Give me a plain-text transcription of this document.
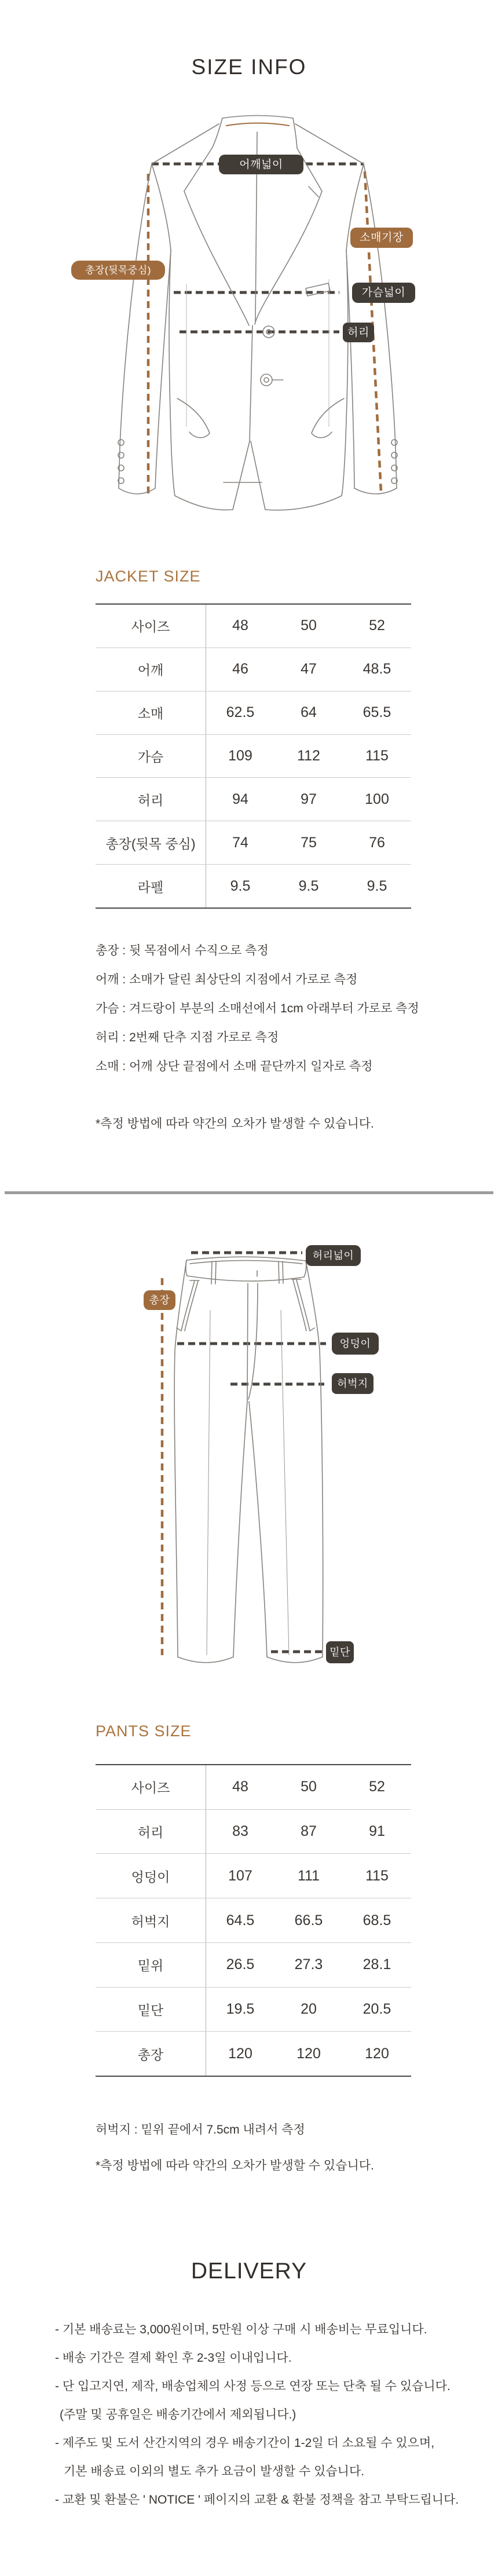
SIZE INFO
어깨넓이
소매기장
총장(뒷목중심)
가슴넓이
허리
JACKET SIZE
사이즈	48	50	52
어깨	46	47	48.5
소매	62.5	64	65.5
가슴	109	112	115
허리	94	97	100
총장(뒷목 중심)	74	75	76
라펠	9.5	9.5	9.5
총장 : 뒷 목점에서 수직으로 측정
어깨 : 소매가 달린 최상단의 지점에서 가로로 측정
가슴 : 겨드랑이 부분의 소매선에서 1cm 아래부터 가로로 측정
허리 : 2번째 단추 지점 가로로 측정
소매 : 어깨 상단 끝점에서 소매 끝단까지 일자로 측정
*측정 방법에 따라 약간의 오차가 발생할 수 있습니다.
허리넓이
총장
엉덩이
허벅지
밑단
PANTS SIZE
사이즈	48	50	52
허리	83	87	91
엉덩이	107	111	115
허벅지	64.5	66.5	68.5
밑위	26.5	27.3	28.1
밑단	19.5	20	20.5
총장	120	120	120
허벅지 : 밑위 끝에서 7.5cm 내려서 측정
*측정 방법에 따라 약간의 오차가 발생할 수 있습니다.
DELIVERY
- 기본 배송료는 3,000원이며, 5만원 이상 구매 시 배송비는 무료입니다.
- 배송 기간은 결제 확인 후 2-3일 이내입니다.
- 단 입고지연, 제작, 배송업체의 사정 등으로 연장 또는 단축 될 수 있습니다.
(주말 및 공휴일은 배송기간에서 제외됩니다.)
- 제주도 및 도서 산간지역의 경우 배송기간이 1-2일 더 소요될 수 있으며,
기본 배송료 이외의 별도 추가 요금이 발생할 수 있습니다.
- 교환 및 환불은 ' NOTICE ' 페이지의 교환 & 환불 정책을 참고 부탁드립니다.
